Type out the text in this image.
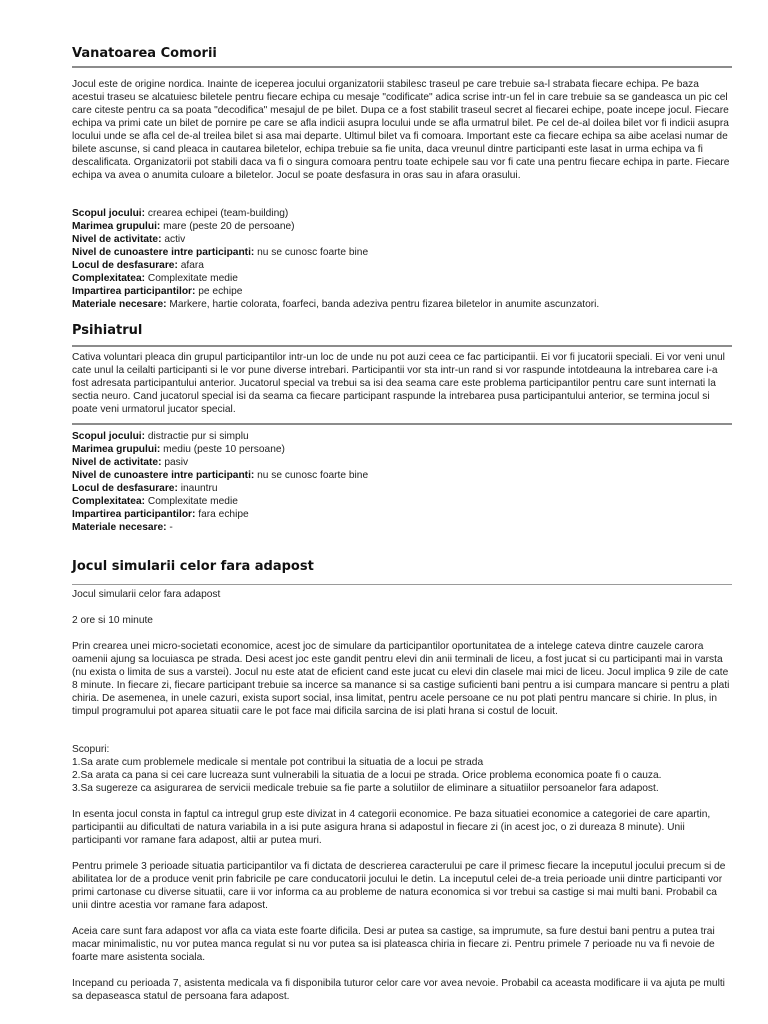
Vanatoarea Comorii

Jocul este de origine nordica. Inainte de iceperea jocului organizatorii stabilesc traseul pe care trebuie sa-l strabata fiecare echipa. Pe baza acestui traseu se alcatuiesc biletele pentru fiecare echipa cu mesaje "codificate" adica scrise intr-un fel in care trebuie sa se gandeasca un pic cel care citeste pentru ca sa poata "decodifica" mesajul de pe bilet. Dupa ce a fost stabilit traseul secret al fiecarei echipe, poate incepe jocul. Fiecare echipa va primi cate un bilet de pornire pe care se afla indicii asupra locului unde se afla urmatrul bilet. Pe cel de-al doilea bilet vor fi indicii asupra locului unde se afla cel de-al treilea bilet si asa mai departe. Ultimul bilet va fi comoara. Important este ca fiecare echipa sa aibe acelasi numar de bilete ascunse, si cand pleaca in cautarea biletelor, echipa trebuie sa fie unita, daca vreunul dintre participanti este lasat in urma echipa va fi descalificata. Organizatorii pot stabili daca va fi o singura comoara pentru toate echipele sau vor fi cate una pentru fiecare echipa in parte. Fiecare echipa va avea o anumita culoare a biletelor. Jocul se poate desfasura in oras sau in afara orasului.

Scopul jocului: crearea echipei (team-building)
Marimea grupului: mare (peste 20 de persoane)
Nivel de activitate: activ
Nivel de cunoastere intre participanti: nu se cunosc foarte bine
Locul de desfasurare: afara
Complexitatea: Complexitate medie
Impartirea participantilor: pe echipe
Materiale necesare: Markere, hartie colorata, foarfeci, banda adeziva pentru fizarea biletelor in anumite ascunzatori.
Psihiatrul

Cativa voluntari pleaca din grupul participantilor intr-un loc de unde nu pot auzi ceea ce fac participantii. Ei vor fi jucatorii speciali. Ei vor veni unul cate unul la ceilalti participanti si le vor pune diverse intrebari. Participantii vor sta intr-un rand si vor raspunde intotdeauna la intrebarea care i-a fost adresata participantului anterior. Jucatorul special va trebui sa isi dea seama care este problema participantilor pentru care sunt internati la sectia neuro. Cand jucatorul special isi da seama ca fiecare participant raspunde la intrebarea pusa participantului anterior, se termina jocul si poate veni urmatorul jucator special.

Scopul jocului: distractie pur si simplu
Marimea grupului: mediu (peste 10 persoane)
Nivel de activitate: pasiv
Nivel de cunoastere intre participanti: nu se cunosc foarte bine
Locul de desfasurare: inauntru
Complexitatea: Complexitate medie
Impartirea participantilor: fara echipe
Materiale necesare: -
Jocul simularii celor fara adapost

Jocul simularii celor fara adapost

2 ore si 10 minute

Prin crearea unei micro-societati economice, acest joc de simulare da participantilor oportunitatea de a intelege cateva dintre cauzele carora oamenii ajung sa locuiasca pe strada. Desi acest joc este gandit pentru elevi din anii terminali de liceu, a fost jucat si cu participanti mai in varsta (nu exista o limita de sus a varstei). Jocul nu este atat de eficient cand este jucat cu elevi din clasele mai mici de liceu. Jocul implica 9 zile de cate 8 minute. In fiecare zi, fiecare participant trebuie sa incerce sa manance si sa castige suficienti bani pentru a isi cumpara mancare si pentru a plati chiria. De asemenea, in unele cazuri, exista suport social, insa limitat, pentru acele persoane ce nu pot plati pentru mancare si chirie. In plus, in timpul programului pot aparea situatii care le pot face mai dificila sarcina de isi plati hrana si costul de locuit.

Scopuri:

1.Sa arate cum problemele medicale si mentale pot contribui la situatia de a locui pe strada
2.Sa arata ca pana si cei care lucreaza sunt vulnerabili la situatia de a locui pe strada. Orice problema economica poate fi o cauza.
3.Sa sugereze ca asigurarea de servicii medicale trebuie sa fie parte a solutiilor de eliminare a situatiilor persoanelor fara adapost.

In esenta jocul consta in faptul ca intregul grup este divizat in 4 categorii economice. Pe baza situatiei economice a categoriei de care apartin, participantii au dificultati de natura variabila in a isi pute asigura hrana si adapostul in fiecare zi (in acest joc, o zi dureaza 8 minute). Unii participanti vor ramane fara adapost, altii ar putea muri.

Pentru primele 3 perioade situatia participantilor va fi dictata de descrierea caracterului pe care il primesc fiecare la inceputul jocului precum si de abilitatea lor de a produce venit prin fabricile pe care conducatorii jocului le detin. La inceputul celei de-a treia perioade unii dintre participanti vor primi cartonase cu diverse situatii, care ii vor informa ca au probleme de natura economica si vor trebui sa castige si mai multi bani. Probabil ca unii dintre acestia vor ramane fara adapost.

Aceia care sunt fara adapost vor afla ca viata este foarte dificila. Desi ar putea sa castige, sa imprumute, sa fure destui bani pentru a putea trai macar minimalistic, nu vor putea manca regulat si nu vor putea sa isi plateasca chiria in fiecare zi. Pentru primele 7 perioade nu va fi nevoie de foarte mare asistenta sociala.

Incepand cu perioada 7, asistenta medicala va fi disponibila tuturor celor care vor avea nevoie. Probabil ca aceasta modificare ii va ajuta pe multi sa depaseasca statul de persoana fara adapost.
